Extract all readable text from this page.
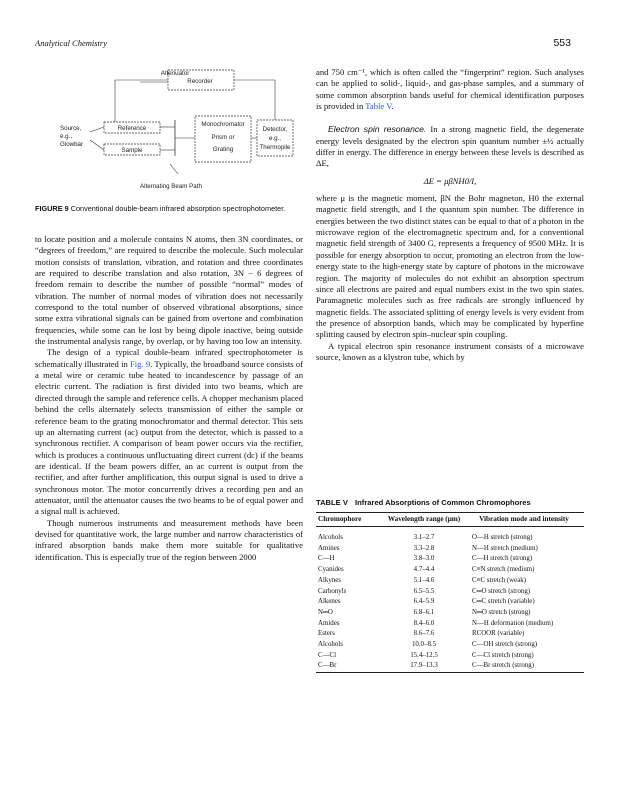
Analytical Chemistry	553
Recorder
Attenuator
Source,
e.g.,
Glowbar
Reference
Sample
Monochromator
Prism or
Grating
Detector,
e.g.,
Thermopile
Alternating Beam Path
FIGURE 9 Conventional double-beam infrared absorption spectrophotometer.

to locate position and a molecule contains N atoms, then 3N coordinates, or “degrees of freedom,” are required to describe the molecule. Such molecular motion consists of translation, vibration, and rotation and three coordinates are required to describe translation and also rotation, 3N − 6 degrees of freedom remain to describe the number of possible “normal” modes of vibration. The number of normal modes of vibration does not necessarily correspond to the total number of observed vibrational absorptions, since some extra vibrational signals can be gained from overtone and combination frequencies, while some can be lost by being dipole inactive, being outside the instrumental analysis range, by overlap, or by having too low an intensity.

The design of a typical double-beam infrared spectrophotometer is schematically illustrated in Fig. 9. Typically, the broadband source consists of a metal wire or ceramic tube heated to incandescence by passage of an electric current. The radiation is first divided into two beams, which are directed through the sample and reference cells. A chopper mechanism placed behind the cells alternately selects transmission of either the sample or reference beam to the grating monochromator and thermal detector. This sets up an alternating current (ac) output from the detector, which is passed to a synchronous rectifier. A comparison of beam power occurs via the rectifier, which is produces a continuous unfluctuating direct current (dc) if the beams are identical. If the beam powers differ, an ac current is output from the rectifier, and after further amplification, this output signal is used to drive a synchronous motor. The motor concurrently drives a recording pen and an attenuator, until the attenuator causes the two beams to be of equal power and a signal null is achieved.

Though numerous instruments and measurement methods have been devised for quantitative work, the large number and narrow characteristics of infrared absorption bands make them more suitable for qualitative identification. This is especially true of the region between 2000

and 750 cm⁻¹, which is often called the “fingerprint” region. Such analyses can be applied to solid-, liquid-, and gas-phase samples, and a summary of some common absorption bands useful for chemical identification purposes is provided in Table V.

Electron spin resonance. In a strong magnetic field, the degenerate energy levels designated by the electron spin quantum number ±½ actually differ in energy. The difference in energy between these levels is described as ΔE,

ΔE = μβNH0/I,

where μ is the magnetic moment, βN the Bohr magneton, H0 the external magnetic field strength, and I the quantum spin number. The difference in energies between the two distinct states can be equal to that of a photon in the microwave region of the electromagnetic spectrum and, for a conventional magnetic field strength of 3400 G, represents a frequency of 9500 MHz. It is possible for energy absorption to occur, promoting an electron from the low-energy state to the high-energy state by capture of photons in the microwave region. The majority of molecules do not exhibit an absorption spectrum since all electrons are paired and equal numbers exist in the two spin states. Paramagnetic molecules such as free radicals are strongly influenced by magnetic fields. The associated splitting of energy levels is very evident from the presence of absorption bands, which may be complicated by hyperfine splitting caused by electron spin–nuclear spin coupling.

A typical electron spin resonance instrument consists of a microwave source, known as a klystron tube, which by

TABLE V Infrared Absorptions of Common Chromophores
Chromophore	Wavelength range (μm)	Vibration mode and intensity
Alcohols	3.1–2.7	O—H stretch (strong)
Amines	3.3–2.8	N—H stretch (medium)
C—H	3.8–3.0	C—H stretch (strong)
Cyanides	4.7–4.4	C≡N stretch (medium)
Alkynes	5.1–4.6	C≡C stretch (weak)
Carbonyls	6.5–5.5	C═O stretch (strong)
Alkenes	6.4–5.9	C═C stretch (variable)
N═O	6.8–6.1	N═O stretch (strong)
Amides	8.4–6.0	N—H deformation (medium)
Esters	8.6–7.6	RCOOR (variable)
Alcohols	10.0–8.5	C—OH stretch (strong)
C—Cl	15.4–12.5	C—Cl stretch (strong)
C—Br	17.9–13.3	C—Br stretch (strong)
